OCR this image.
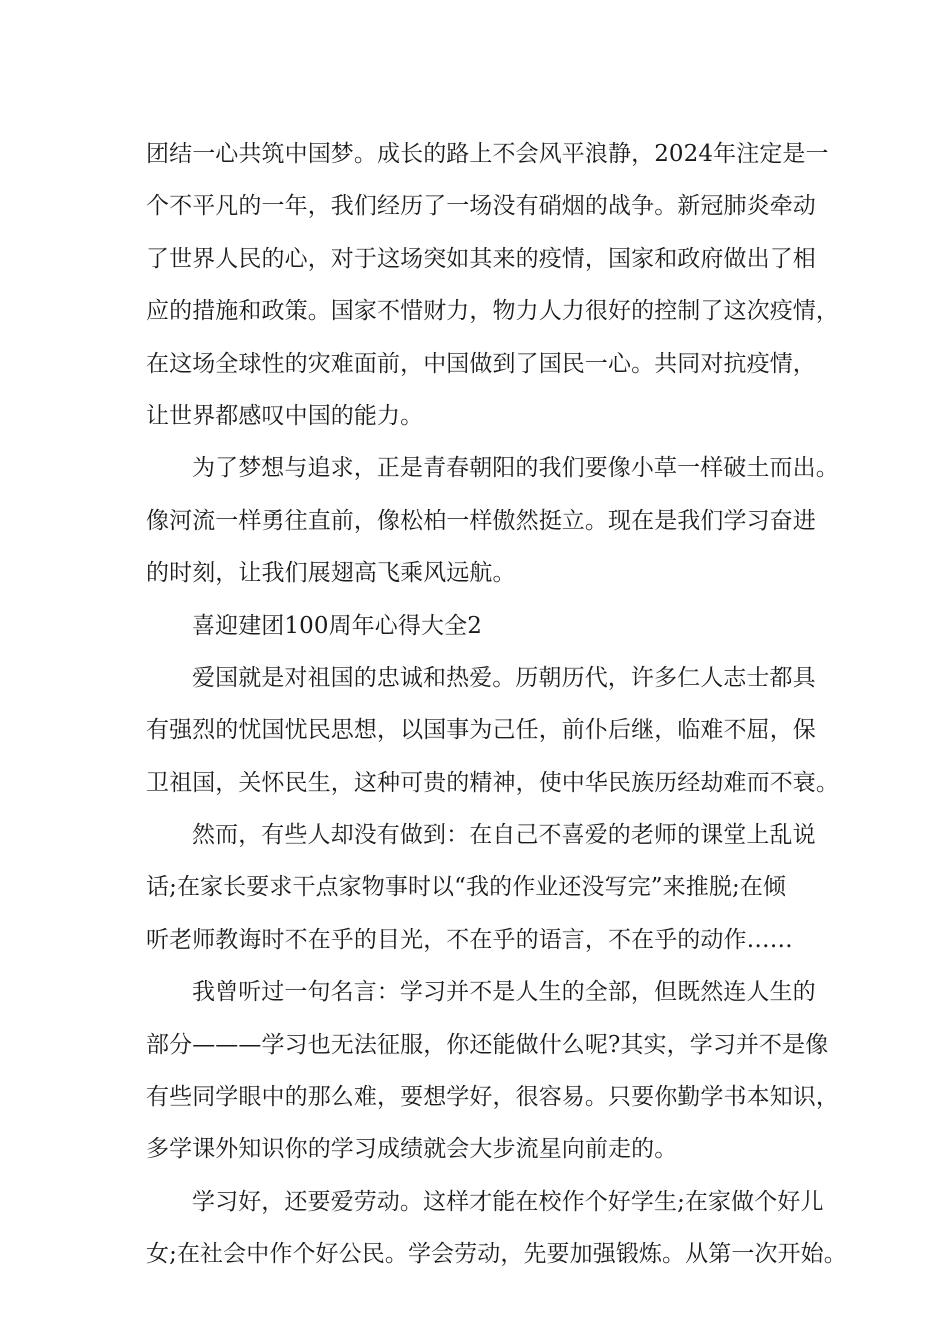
团结一心共筑中国梦。成长的路上不会风平浪静，2024年注定是一
个不平凡的一年，我们经历了一场没有硝烟的战争。新冠肺炎牵动
了世界人民的心，对于这场突如其来的疫情，国家和政府做出了相
应的措施和政策。国家不惜财力，物力人力很好的控制了这次疫情，
在这场全球性的灾难面前，中国做到了国民一心。共同对抗疫情，
让世界都感叹中国的能力。
为了梦想与追求，正是青春朝阳的我们要像小草一样破土而出。
像河流一样勇往直前，像松柏一样傲然挺立。现在是我们学习奋进
的时刻，让我们展翅高飞乘风远航。
喜迎建团100周年心得大全2
爱国就是对祖国的忠诚和热爱。历朝历代，许多仁人志士都具
有强烈的忧国忧民思想，以国事为己任，前仆后继，临难不屈，保
卫祖国，关怀民生，这种可贵的精神，使中华民族历经劫难而不衰。
然而，有些人却没有做到：在自己不喜爱的老师的课堂上乱说
话;在家长要求干点家物事时以“我的作业还没写完”来推脱;在倾
听老师教诲时不在乎的目光，不在乎的语言，不在乎的动作……
我曾听过一句名言：学习并不是人生的全部，但既然连人生的
部分———学习也无法征服，你还能做什么呢?其实，学习并不是像
有些同学眼中的那么难，要想学好，很容易。只要你勤学书本知识，
多学课外知识你的学习成绩就会大步流星向前走的。
学习好，还要爱劳动。这样才能在校作个好学生;在家做个好儿
女;在社会中作个好公民。学会劳动，先要加强锻炼。从第一次开始。
